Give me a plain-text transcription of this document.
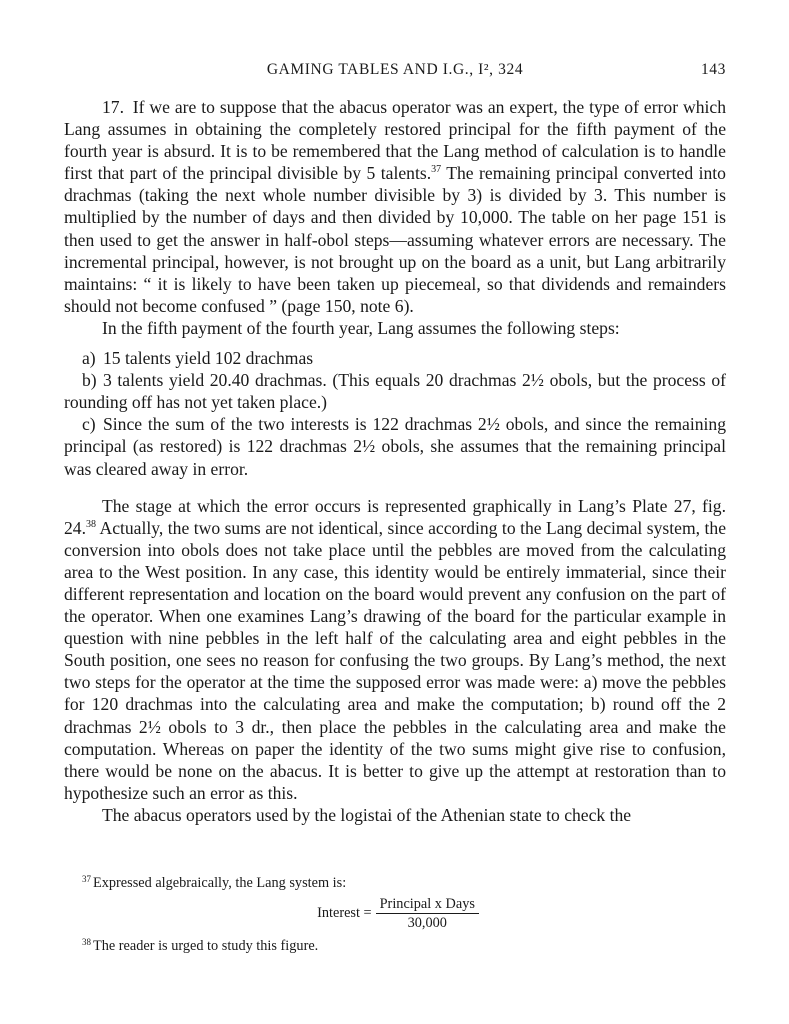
GAMING TABLES AND I.G., I², 324	143

17. If we are to suppose that the abacus operator was an expert, the type of error which Lang assumes in obtaining the completely restored principal for the fifth payment of the fourth year is absurd. It is to be remembered that the Lang method of calculation is to handle first that part of the principal divisible by 5 talents.$^{37}$ The remaining principal converted into drachmas (taking the next whole number divisible by 3) is divided by 3. This number is multiplied by the number of days and then divided by 10,000. The table on her page 151 is then used to get the answer in half-obol steps—assuming whatever errors are necessary. The incremental principal, however, is not brought up on the board as a unit, but Lang arbitrarily maintains: “ it is likely to have been taken up piecemeal, so that dividends and remainders should not become confused ” (page 150, note 6).

In the fifth payment of the fourth year, Lang assumes the following steps:

a) 15 talents yield 102 drachmas

b) 3 talents yield 20.40 drachmas. (This equals 20 drachmas 2½ obols, but the process of rounding off has not yet taken place.)

c) Since the sum of the two interests is 122 drachmas 2½ obols, and since the remaining principal (as restored) is 122 drachmas 2½ obols, she assumes that the remaining principal was cleared away in error.

The stage at which the error occurs is represented graphically in Lang’s Plate 27, fig. 24.38 Actually, the two sums are not identical, since according to the Lang decimal system, the conversion into obols does not take place until the pebbles are moved from the calculating area to the West position. In any case, this identity would be entirely immaterial, since their different representation and location on the board would prevent any confusion on the part of the operator. When one examines Lang’s drawing of the board for the particular example in question with nine pebbles in the left half of the calculating area and eight pebbles in the South position, one sees no reason for confusing the two groups. By Lang’s method, the next two steps for the operator at the time the supposed error was made were: a) move the pebbles for 120 drachmas into the calculating area and make the computation; b) round off the 2 drachmas 2½ obols to 3 dr., then place the pebbles in the calculating area and make the computation. Whereas on paper the identity of the two sums might give rise to confusion, there would be none on the abacus. It is better to give up the attempt at restoration than to hypothesize such an error as this.

The abacus operators used by the logistai of the Athenian state to check the

$^{37}$ Expressed algebraically, the Lang system is:
Interest = $\frac{\text{Principal x Days}}{30,000}$
$^{38}$ The reader is urged to study this figure.
